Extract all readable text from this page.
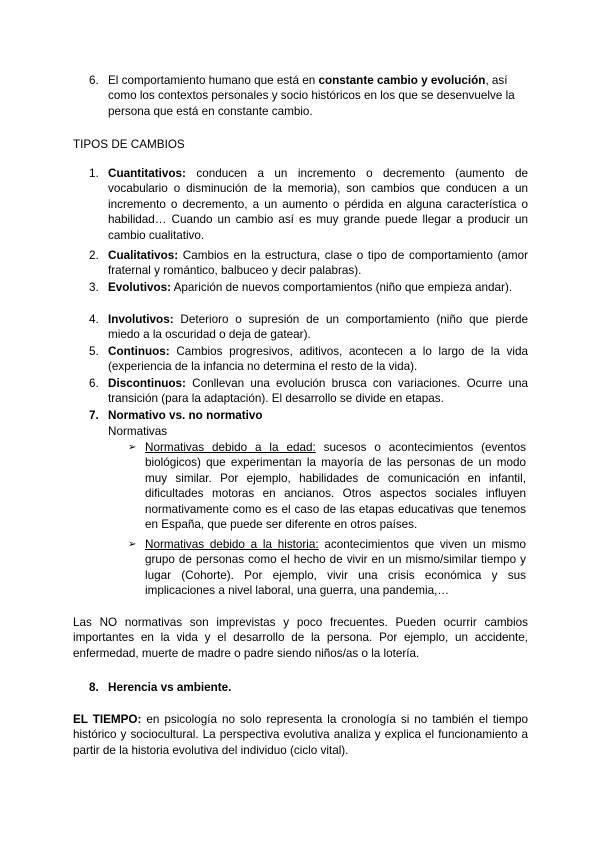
6. El comportamiento humano que está en constante cambio y evolución, así como los contextos personales y socio históricos en los que se desenvuelve la persona que está en constante cambio.
TIPOS DE CAMBIOS
1. Cuantitativos: conducen a un incremento o decremento (aumento de vocabulario o disminución de la memoria), son cambios que conducen a un incremento o decremento, a un aumento o pérdida en alguna característica o habilidad… Cuando un cambio así es muy grande puede llegar a producir un cambio cualitativo.
2. Cualitativos: Cambios en la estructura, clase o tipo de comportamiento (amor fraternal y romántico, balbuceo y decir palabras).
3. Evolutivos: Aparición de nuevos comportamientos (niño que empieza andar).
4. Involutivos: Deterioro o supresión de un comportamiento (niño que pierde miedo a la oscuridad o deja de gatear).
5. Continuos: Cambios progresivos, aditivos, acontecen a lo largo de la vida (experiencia de la infancia no determina el resto de la vida).
6. Discontinuos: Conllevan una evolución brusca con variaciones. Ocurre una transición (para la adaptación). El desarrollo se divide en etapas.
7. Normativo vs. no normativo
Normativas
➢ Normativas debido a la edad: sucesos o acontecimientos (eventos biológicos) que experimentan la mayoría de las personas de un modo muy similar. Por ejemplo, habilidades de comunicación en infantil, dificultades motoras en ancianos. Otros aspectos sociales influyen normativamente como es el caso de las etapas educativas que tenemos en España, que puede ser diferente en otros países.
➢ Normativas debido a la historia: acontecimientos que viven un mismo grupo de personas como el hecho de vivir en un mismo/similar tiempo y lugar (Cohorte). Por ejemplo, vivir una crisis económica y sus implicaciones a nivel laboral, una guerra, una pandemia,…
Las NO normativas son imprevistas y poco frecuentes. Pueden ocurrir cambios importantes en la vida y el desarrollo de la persona. Por ejemplo, un accidente, enfermedad, muerte de madre o padre siendo niños/as o la lotería.
8. Herencia vs ambiente.
EL TIEMPO: en psicología no solo representa la cronología si no también el tiempo histórico y sociocultural. La perspectiva evolutiva analiza y explica el funcionamiento a partir de la historia evolutiva del individuo (ciclo vital).
